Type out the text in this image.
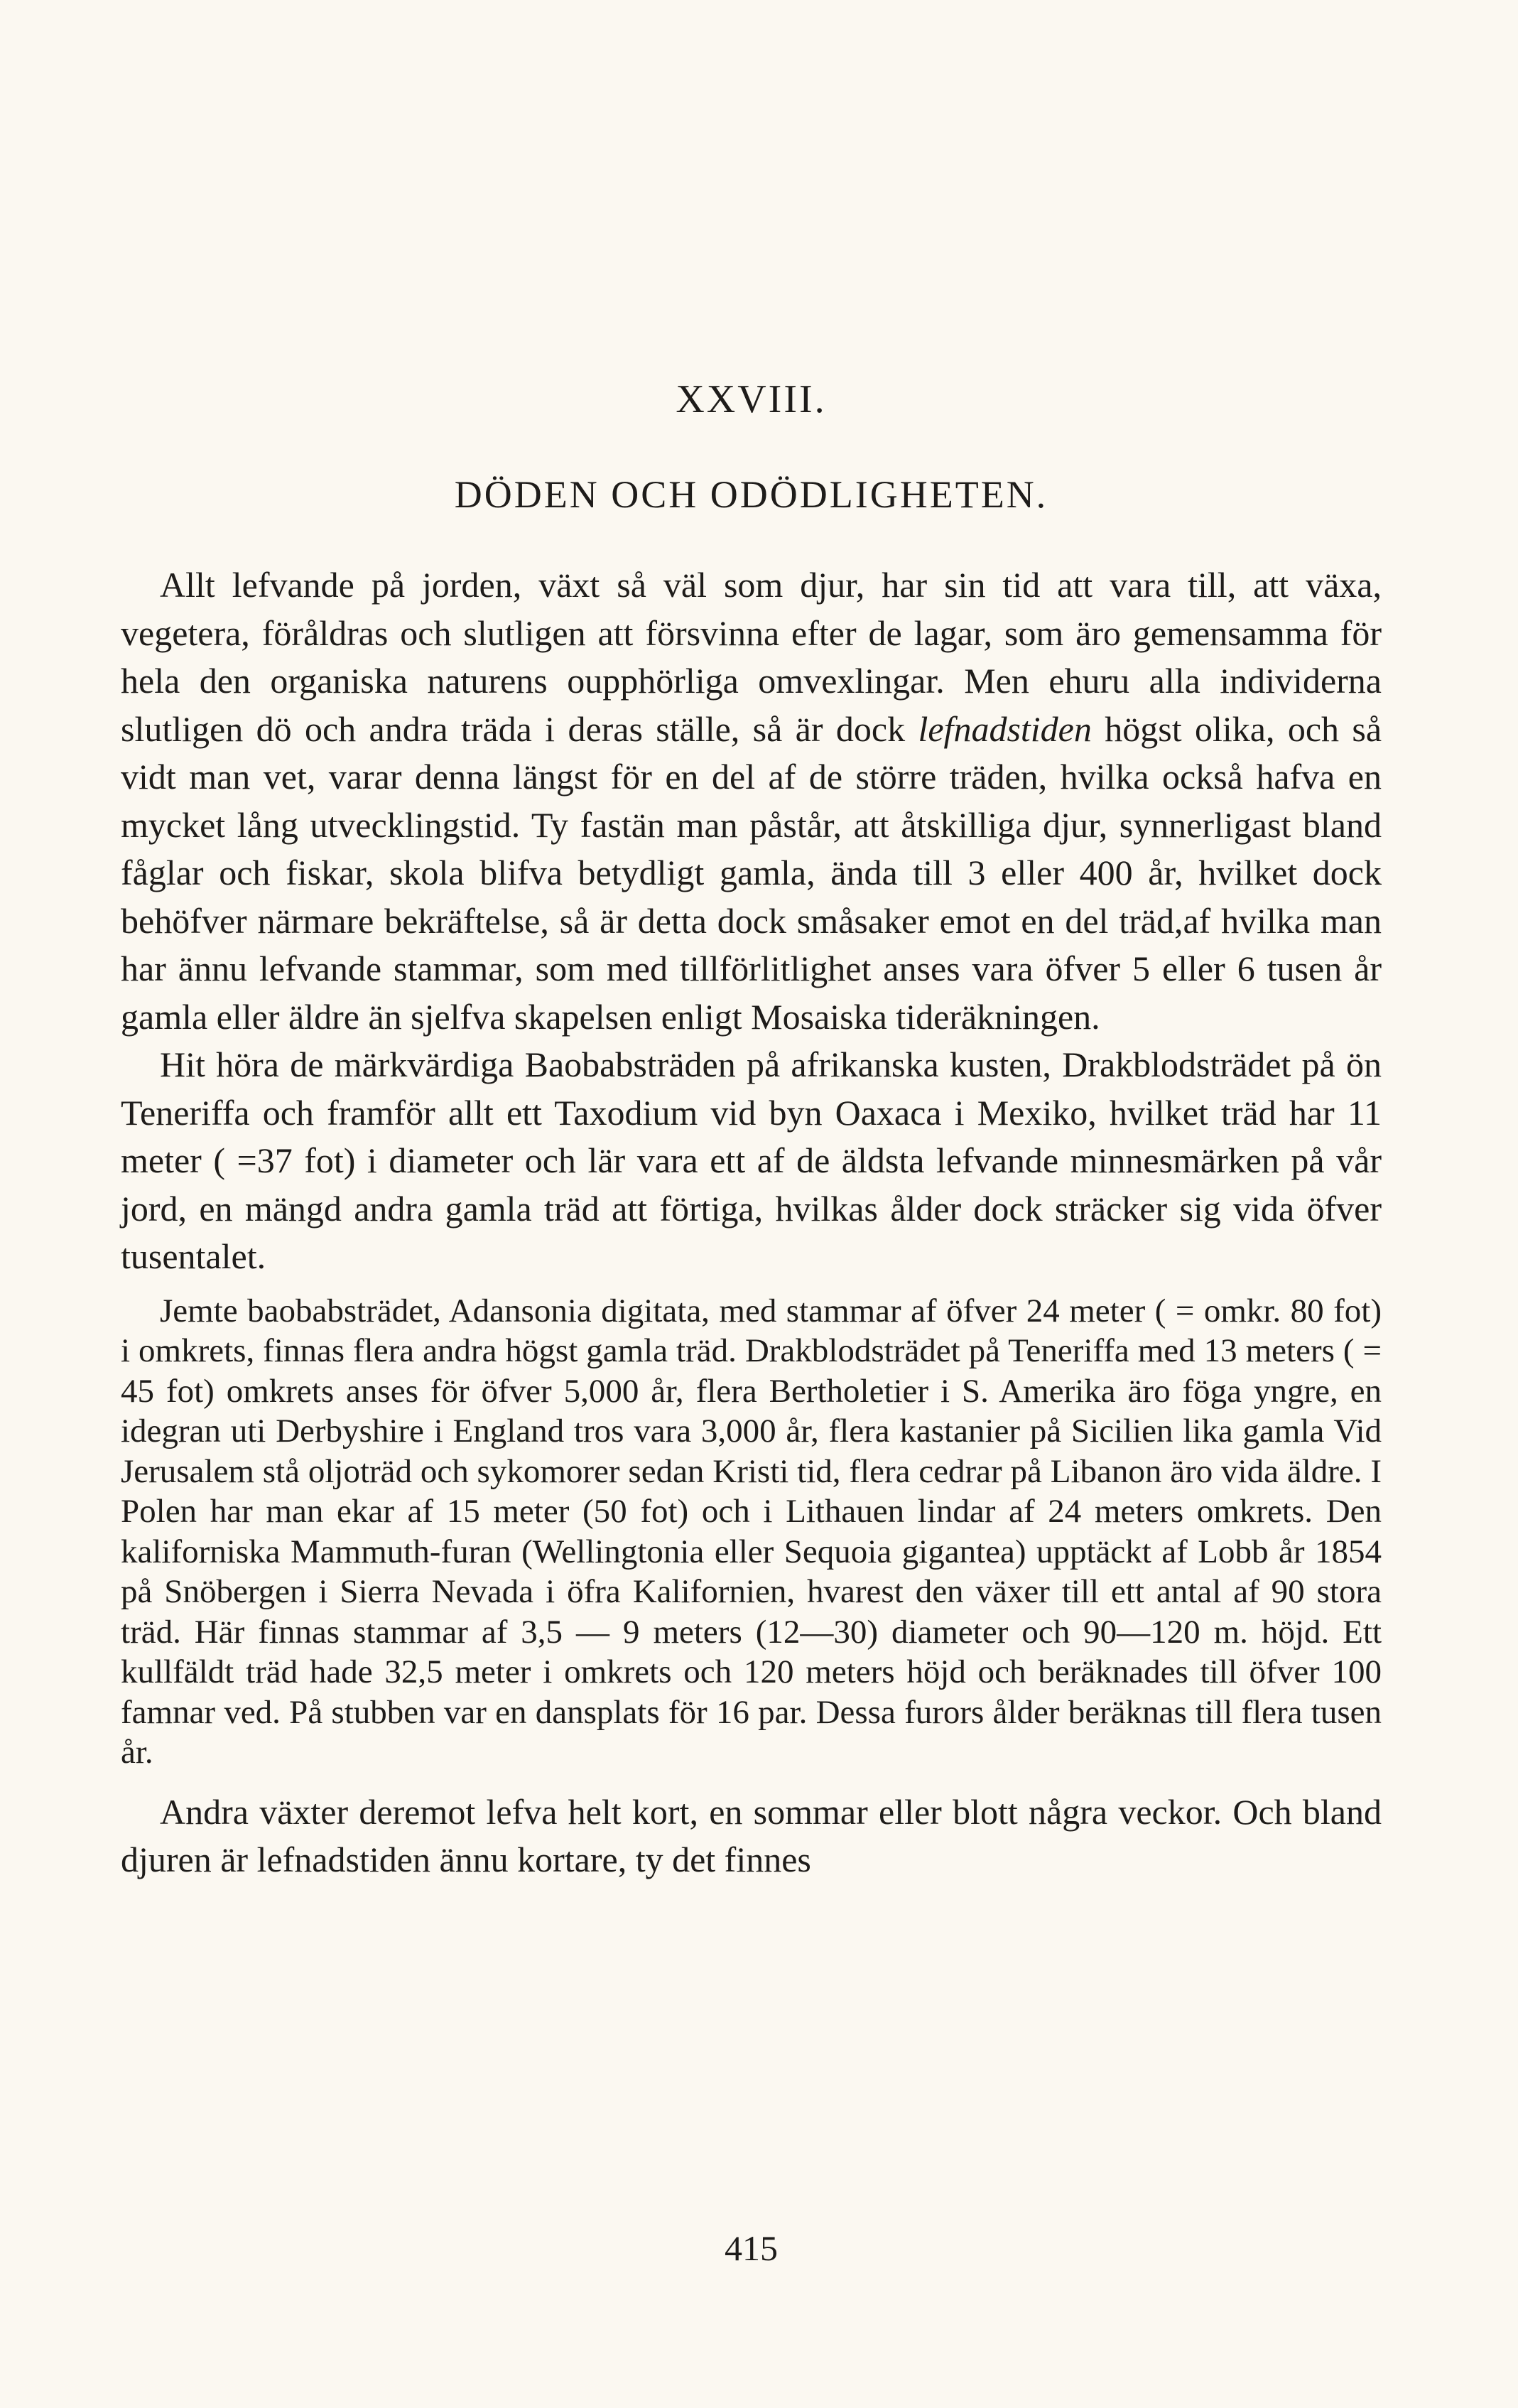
XXVIII.
DÖDEN OCH ODÖDLIGHETEN.

Allt lefvande på jorden, växt så väl som djur, har sin tid att vara till, att växa, vegetera, föråldras och slutligen att försvinna efter de lagar, som äro gemensamma för hela den organiska naturens oupphörliga omvexlingar. Men ehuru alla individerna slutligen dö och andra träda i deras ställe, så är dock lefnadstiden högst olika, och så vidt man vet, varar denna längst för en del af de större träden, hvilka också hafva en mycket lång utvecklingstid. Ty fastän man påstår, att åtskilliga djur, synnerligast bland fåglar och fiskar, skola blifva betydligt gamla, ända till 3 eller 400 år, hvilket dock behöfver närmare bekräftelse, så är detta dock småsaker emot en del träd,af hvilka man har ännu lefvande stammar, som med tillförlitlighet anses vara öfver 5 eller 6 tusen år gamla eller äldre än sjelfva skapelsen enligt Mosaiska tideräkningen.

Hit höra de märkvärdiga Baobabsträden på afrikanska kusten, Drakblodsträdet på ön Teneriffa och framför allt ett Taxodium vid byn Oaxaca i Mexiko, hvilket träd har 11 meter ( =37 fot) i diameter och lär vara ett af de äldsta lefvande minnesmärken på vår jord, en mängd andra gamla träd att förtiga, hvilkas ålder dock sträcker sig vida öfver tusentalet.

Jemte baobabsträdet, Adansonia digitata, med stammar af öfver 24 meter ( = omkr. 80 fot) i omkrets, finnas flera andra högst gamla träd. Drakblodsträdet på Teneriffa med 13 meters ( = 45 fot) omkrets anses för öfver 5,000 år, flera Bertholetier i S. Amerika äro föga yngre, en idegran uti Derbyshire i England tros vara 3,000 år, flera kastanier på Sicilien lika gamla Vid Jerusalem stå oljoträd och sykomorer sedan Kristi tid, flera cedrar på Libanon äro vida äldre. I Polen har man ekar af 15 meter (50 fot) och i Lithauen lindar af 24 meters omkrets. Den kaliforniska Mammuth-furan (Wellingtonia eller Sequoia gigantea) upptäckt af Lobb år 1854 på Snöbergen i Sierra Nevada i öfra Kalifornien, hvarest den växer till ett antal af 90 stora träd. Här finnas stammar af 3,5 — 9 meters (12—30) diameter och 90—120 m. höjd. Ett kullfäldt träd hade 32,5 meter i omkrets och 120 meters höjd och beräknades till öfver 100 famnar ved. På stubben var en dansplats för 16 par. Dessa furors ålder beräknas till flera tusen år.

Andra växter deremot lefva helt kort, en sommar eller blott några veckor. Och bland djuren är lefnadstiden ännu kortare, ty det finnes

415
